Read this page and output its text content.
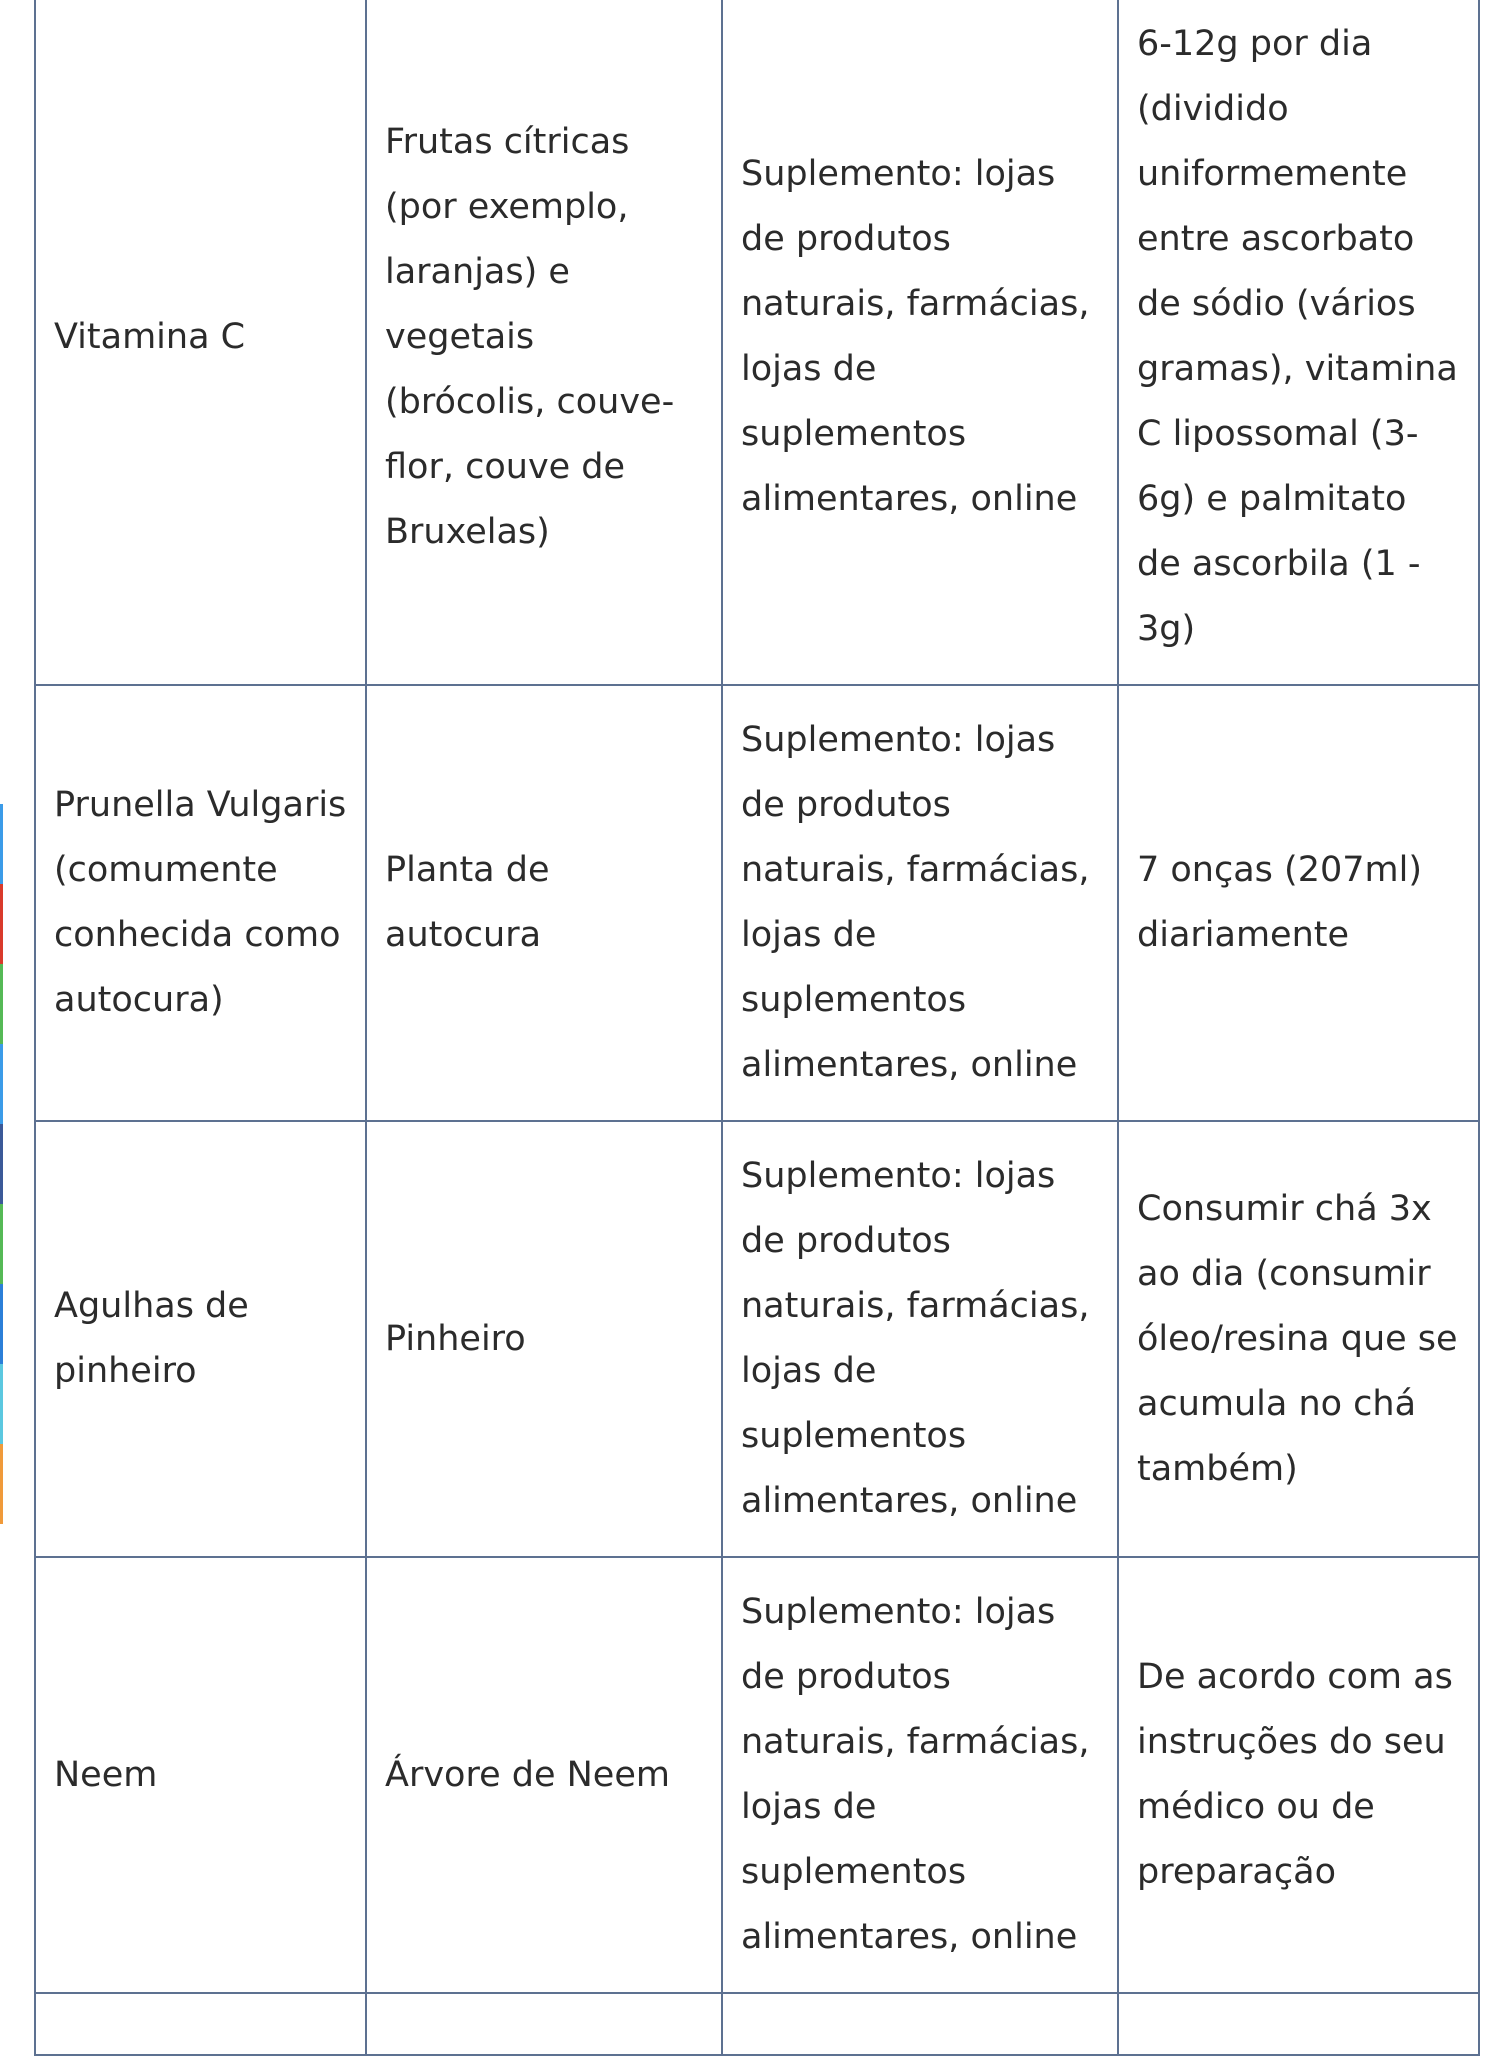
Vitamina C	Frutas cítricas (por exemplo, laranjas) e vegetais (brócolis, couve-flor, couve de Bruxelas)	Suplemento: lojas de produtos naturais, farmácias, lojas de suplementos alimentares, online	6-12g por dia (dividido uniformemente entre ascorbato de sódio (vários gramas), vitamina C lipossomal (3-6g) e palmitato de ascorbila (1 - 3g)
Prunella Vulgaris (comumente conhecida como autocura)	Planta de autocura	Suplemento: lojas de produtos naturais, farmácias, lojas de suplementos alimentares, online	7 onças (207ml) diariamente
Agulhas de pinheiro	Pinheiro	Suplemento: lojas de produtos naturais, farmácias, lojas de suplementos alimentares, online	Consumir chá 3x ao dia (consumir óleo/resina que se acumula no chá também)
Neem	Árvore de Neem	Suplemento: lojas de produtos naturais, farmácias, lojas de suplementos alimentares, online	De acordo com as instruções do seu médico ou de preparação
